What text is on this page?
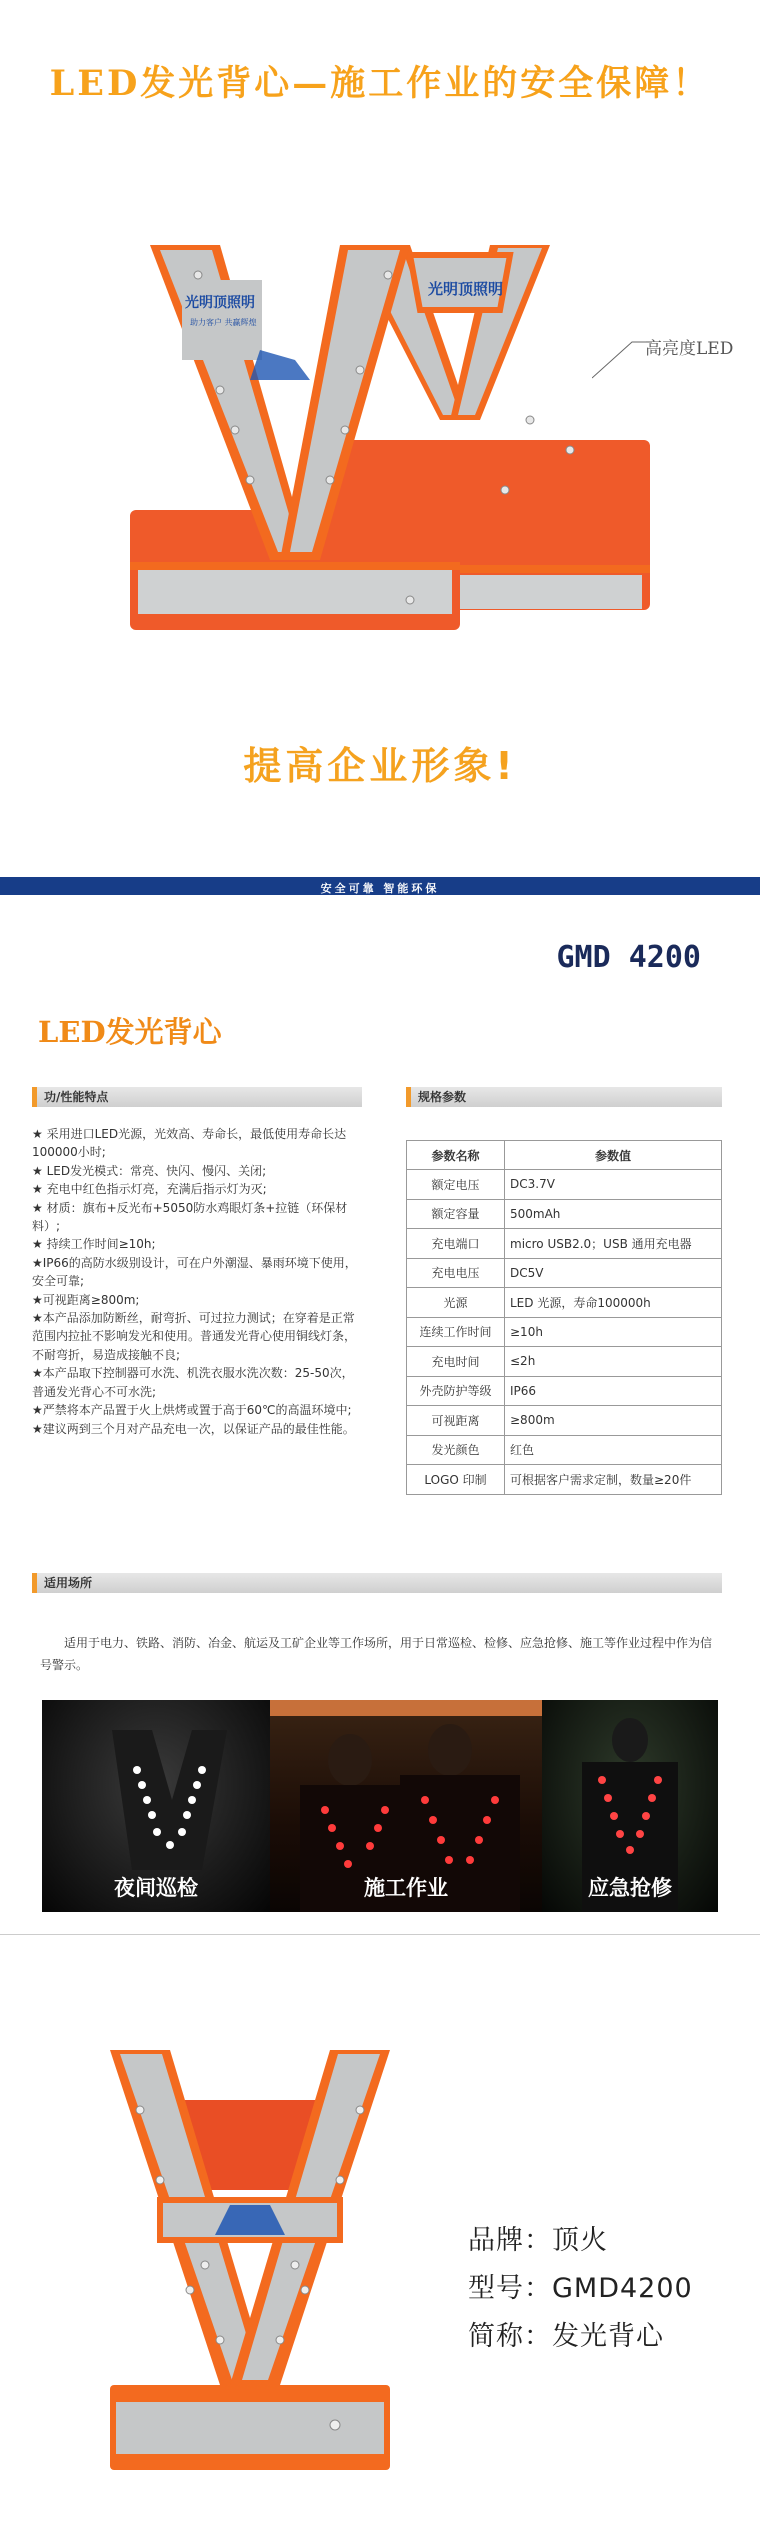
LED发光背心—施工作业的安全保障！
光明顶照明
光明顶照明
助力客户 共赢辉煌
高亮度LED
提高企业形象!
安全可靠 智能环保
GMD 4200
LED发光背心
功/性能特点	规格参数
★ 采用进口LED光源，光效高、寿命长，最低使用寿命长达100000小时;
★ LED发光模式：常亮、快闪、慢闪、关闭;
★ 充电中红色指示灯亮，充满后指示灯为灭;
★ 材质：旗布+反光布+5050防水鸡眼灯条+拉链（环保材料）;
★ 持续工作时间≥10h;
★IP66的高防水级别设计，可在户外潮湿、暴雨环境下使用，安全可靠;
★可视距离≥800m;
★本产品添加防断丝，耐弯折、可过拉力测试；在穿着是正常范围内拉扯不影响发光和使用。普通发光背心使用铜线灯条，不耐弯折，易造成接触不良;
★本产品取下控制器可水洗、机洗衣服水洗次数：25-50次，普通发光背心不可水洗;
★严禁将本产品置于火上烘烤或置于高于60℃的高温环境中;
★建议两到三个月对产品充电一次，以保证产品的最佳性能。
参数名称	参数值
额定电压	DC3.7V
额定容量	500mAh
充电端口	micro USB2.0；USB 通用充电器
充电电压	DC5V
光源	LED 光源，寿命100000h
连续工作时间	≥10h
充电时间	≤2h
外壳防护等级	IP66
可视距离	≥800m
发光颜色	红色
LOGO 印制	可根据客户需求定制，数量≥20件
适用场所
适用于电力、铁路、消防、冶金、航运及工矿企业等工作场所，用于日常巡检、检修、应急抢修、施工等作业过程中作为信号警示。
夜间巡检	施工作业	应急抢修
品牌：顶火
型号：GMD4200
简称：发光背心
